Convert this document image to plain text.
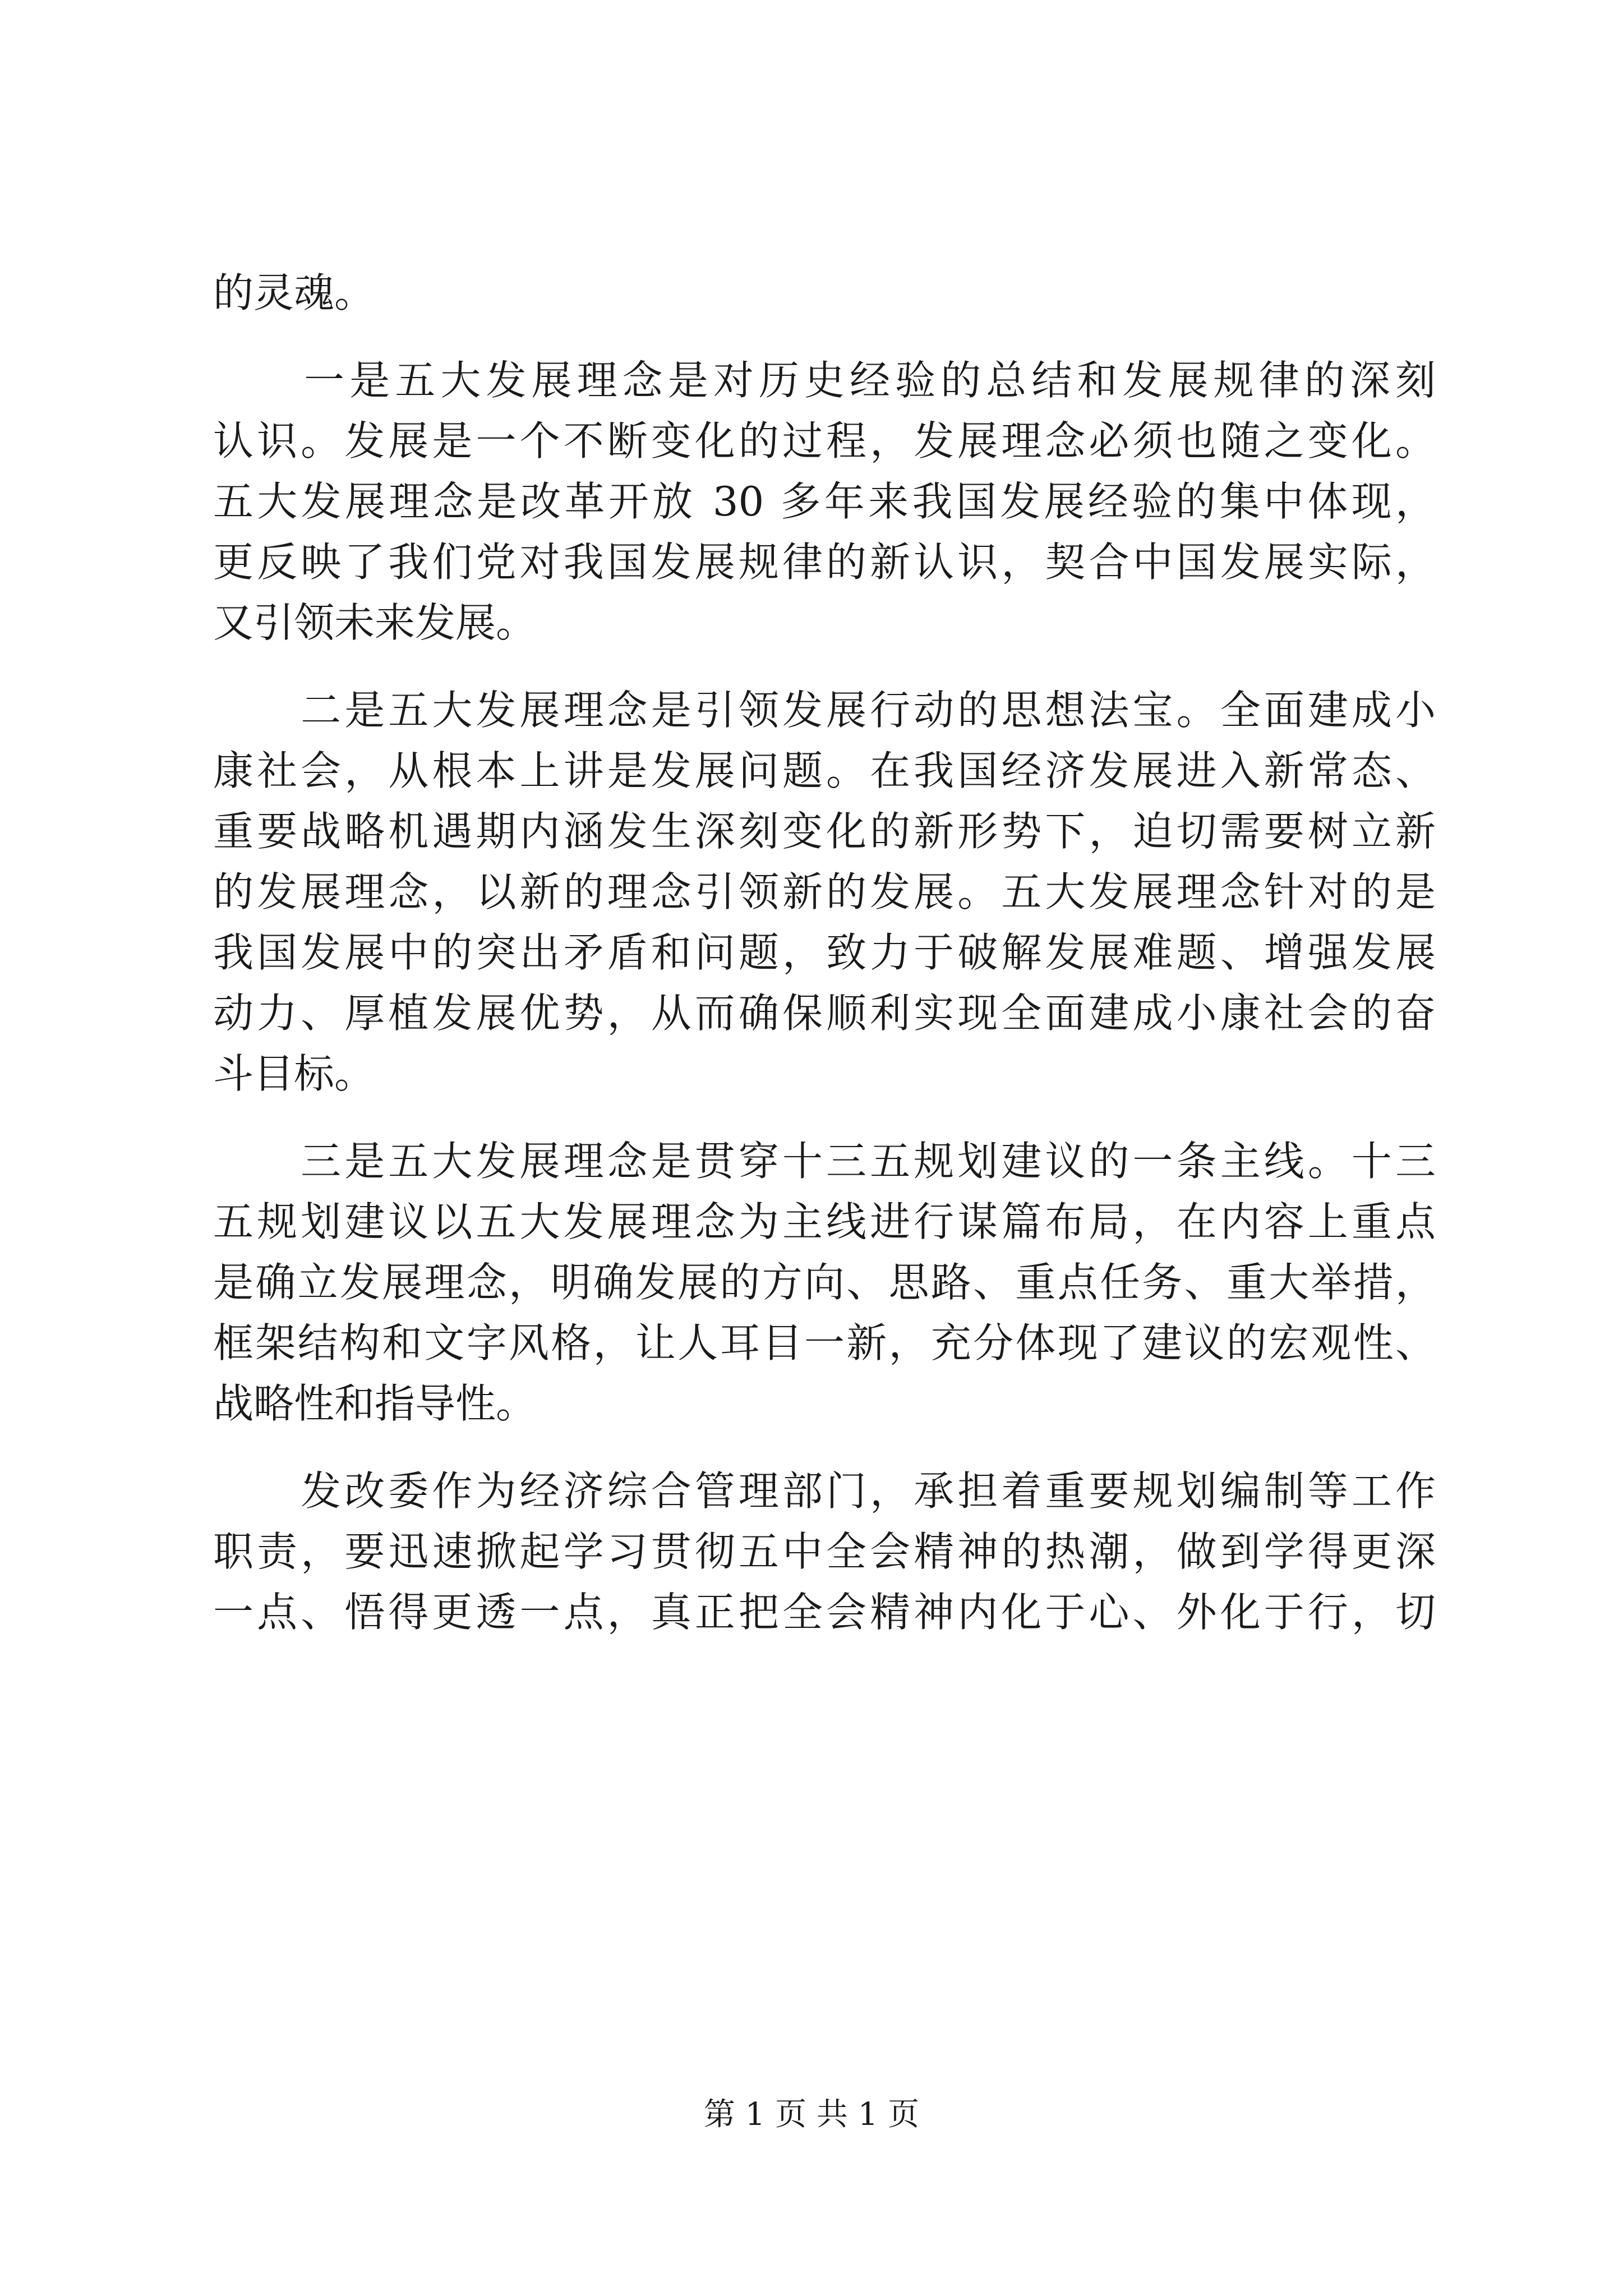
的灵魂。
　　一是五大发展理念是对历史经验的总结和发展规律的深刻
认识。发展是一个不断变化的过程，发展理念必须也随之变化。
五大发展理念是改革开放 30 多年来我国发展经验的集中体现，
更反映了我们党对我国发展规律的新认识，契合中国发展实际，
又引领未来发展。
　　二是五大发展理念是引领发展行动的思想法宝。全面建成小
康社会，从根本上讲是发展问题。在我国经济发展进入新常态、
重要战略机遇期内涵发生深刻变化的新形势下，迫切需要树立新
的发展理念，以新的理念引领新的发展。五大发展理念针对的是
我国发展中的突出矛盾和问题，致力于破解发展难题、增强发展
动力、厚植发展优势，从而确保顺利实现全面建成小康社会的奋
斗目标。
　　三是五大发展理念是贯穿十三五规划建议的一条主线。十三
五规划建议以五大发展理念为主线进行谋篇布局，在内容上重点
是确立发展理念，明确发展的方向、思路、重点任务、重大举措，
框架结构和文字风格，让人耳目一新，充分体现了建议的宏观性、
战略性和指导性。
　　发改委作为经济综合管理部门，承担着重要规划编制等工作
职责，要迅速掀起学习贯彻五中全会精神的热潮，做到学得更深
一点、悟得更透一点，真正把全会精神内化于心、外化于行，切
第 1 页 共 1 页
